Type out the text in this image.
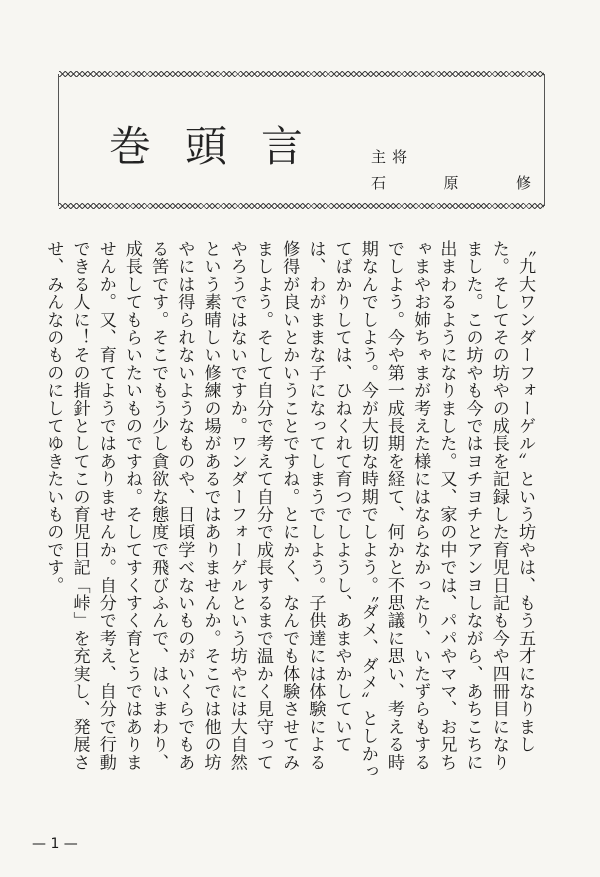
巻頭言 主将
石	原	修

〝九大ワンダーフォーゲル〟という坊やは、もう五才になりました。そしてその坊やの成長を記録した育児日記も今や四冊目になりました。この坊やも今ではヨチヨチとアンヨしながら、あちこちに出まわるようになりました。又、家の中では、パパやママ、お兄ちゃまやお姉ちゃまが考えた様にはならなかったり、いたずらもするでしよう。今や第一成長期を経て、何かと不思議に思い、考える時期なんでしよう。今が大切な時期でしよう。〝ダメ、ダメ〟としかってばかりしては、ひねくれて育つでしようし、あまやかしていては、わがままな子になってしまうでしよう。子供達には体験による修得が良いとかいうことですね。とにかく、なんでも体験させてみましよう。そして自分で考えて自分で成長するまで温かく見守ってやろうではないですか。ワンダーフォーゲルという坊やには大自然という素晴しい修練の場があるではありませんか。そこでは他の坊やには得られないようなものや、日頃学べないものがいくらでもある筈です。そこでもう少し貪欲な態度で飛びふんで、はいまわり、成長してもらいたいものですね。そしてすくすく育とうではありませんか。又、育てようではありませんか。自分で考え、自分で行動できる人に！その指針としてこの育児日記「峠」を充実し、発展させ、みんなのものにしてゆきたいものです。

— 1 —
